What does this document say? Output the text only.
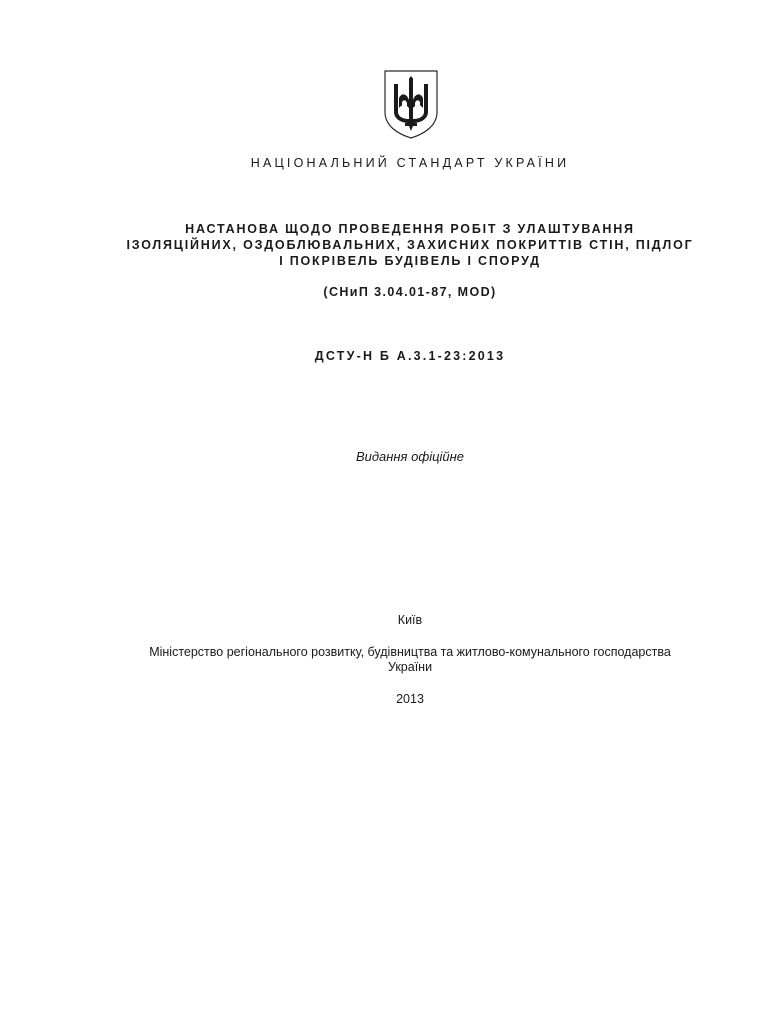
НАЦІОНАЛЬНИЙ СТАНДАРТ УКРАЇНИ
НАСТАНОВА ЩОДО ПРОВЕДЕННЯ РОБІТ З УЛАШТУВАННЯ
ІЗОЛЯЦІЙНИХ, ОЗДОБЛЮВАЛЬНИХ, ЗАХИСНИХ ПОКРИТТІВ СТІН, ПІДЛОГ
І ПОКРІВЕЛЬ БУДІВЕЛЬ І СПОРУД
(СНиП 3.04.01-87, MOD)
ДСТУ-Н Б А.3.1-23:2013
Видання офіційне
Київ
Міністерство регіонального розвитку, будівництва та житлово-комунального господарства
України
2013
